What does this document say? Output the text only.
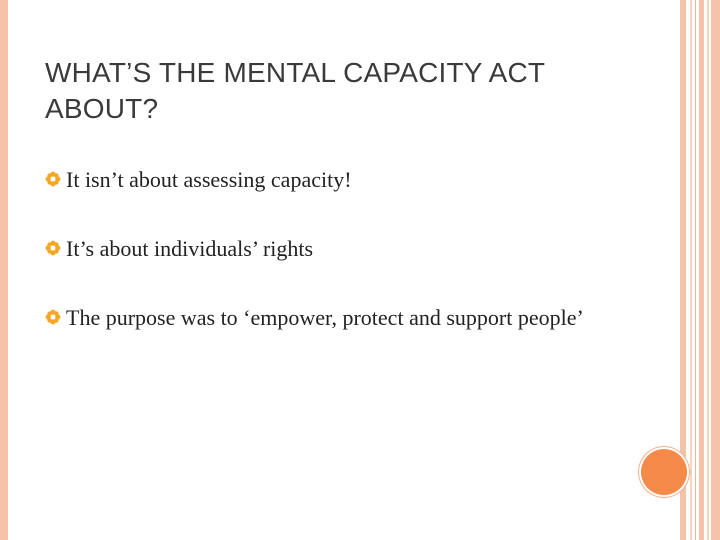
WHAT’S THE MENTAL CAPACITY ACT ABOUT?
It isn’t about assessing capacity!
It’s about individuals’ rights
The purpose was to ‘empower, protect and support people’
